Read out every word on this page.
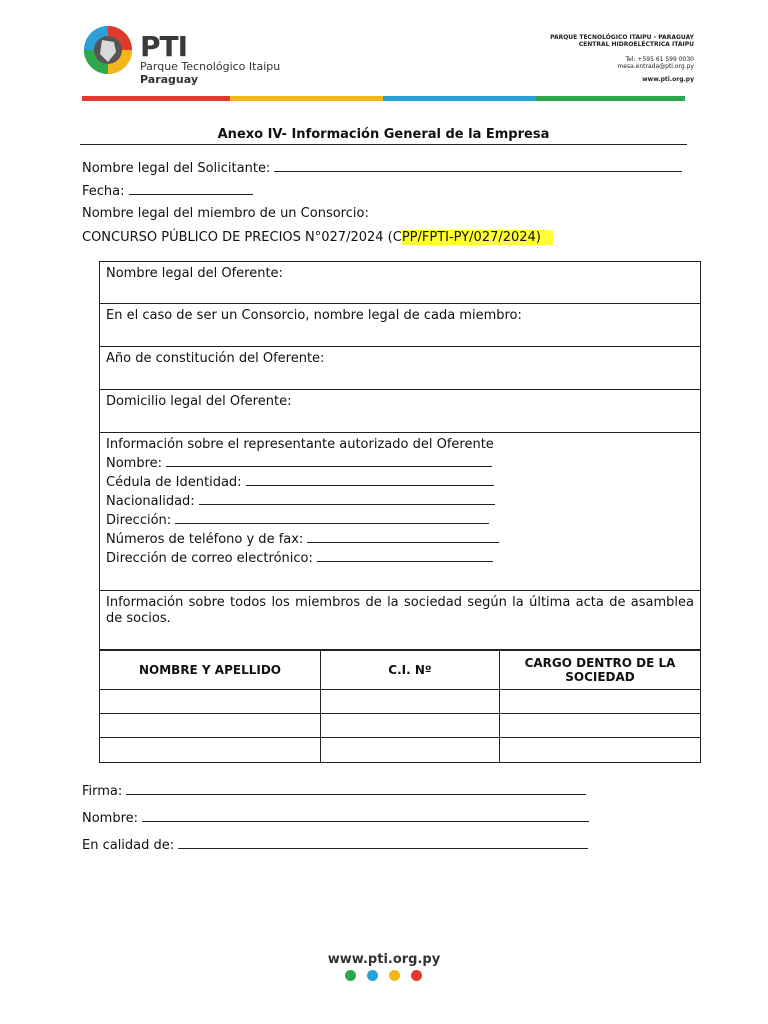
PTI
Parque Tecnológico Itaipu
Paraguay
PARQUE TECNOLÓGICO ITAIPU - PARAGUAY
CENTRAL HIDROELÉCTRICA ITAIPU
Tel: +595 61 599 0030
mesa.entrada@pti.org.py
www.pti.org.py
Anexo IV- Información General de la Empresa
Nombre legal del Solicitante:
Fecha:
Nombre legal del miembro de un Consorcio:
CONCURSO PÚBLICO DE PRECIOS N°027/2024 (CPP/FPTI-PY/027/2024)
Nombre legal del Oferente:
En el caso de ser un Consorcio, nombre legal de cada miembro:
Año de constitución del Oferente:
Domicilio legal del Oferente:
Información sobre el representante autorizado del Oferente
Nombre:
Cédula de Identidad:
Nacionalidad:
Dirección:
Números de teléfono y de fax:
Dirección de correo electrónico:
Información sobre todos los miembros de la sociedad según la última acta de asamblea de socios.
NOMBRE Y APELLIDO	C.I. Nº	CARGO DENTRO DE LA SOCIEDAD

Firma:
Nombre:
En calidad de:
www.pti.org.py
